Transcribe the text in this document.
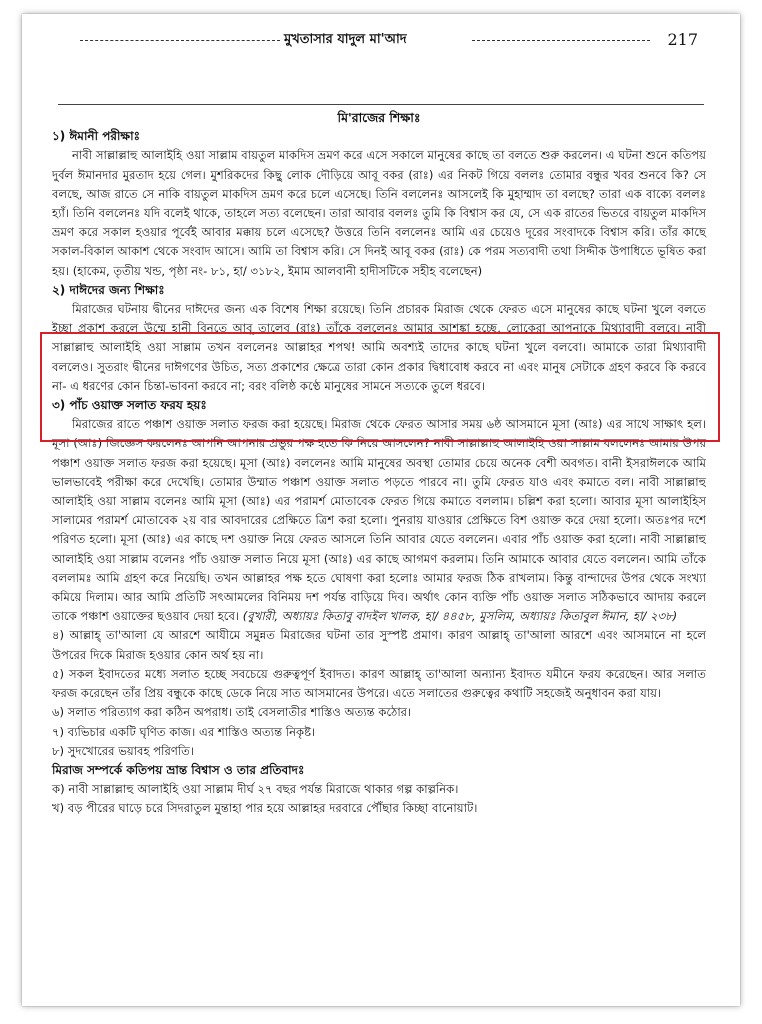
মুখতাসার যাদুল মা'আদ	217

মি'রাজের শিক্ষাঃ

১) ঈমানী পরীক্ষাঃ

নাবী সাল্লাল্লাহু আলাইহি ওয়া সাল্লাম বায়তুল মাকদিস ভ্রমণ করে এসে সকালে মানুষের কাছে তা বলতে শুরু করলেন। এ ঘটনা শুনে কতিপয় দুর্বল ঈমানদার মুরতাদ হয়ে গেল। মুশরিকদের কিছু লোক দৌড়িয়ে আবূ বকর (রাঃ) এর নিকট গিয়ে বললঃ তোমার বন্ধুর খবর শুনবে কি? সে বলছে, আজ রাতে সে নাকি বায়তুল মাকদিস ভ্রমণ করে চলে এসেছে। তিনি বললেনঃ আসলেই কি মুহাম্মাদ তা বলছে? তারা এক বাক্যে বললঃ হ্যাঁ। তিনি বললেনঃ যদি বলেই থাকে, তাহলে সত্য বলেছেন। তারা আবার বললঃ তুমি কি বিশ্বাস কর যে, সে এক রাতের ভিতরে বায়তুল মাকদিস ভ্রমণ করে সকাল হওয়ার পূর্বেই আবার মক্কায় চলে এসেছে? উত্তরে তিনি বললেনঃ আমি এর চেয়েও দূরের সংবাদকে বিশ্বাস করি। তাঁর কাছে সকাল-বিকাল আকাশ থেকে সংবাদ আসে। আমি তা বিশ্বাস করি। সে দিনই আবূ বকর (রাঃ) কে পরম সত্যবাদী তথা সিদ্দীক উপাধিতে ভূষিত করা হয়। (হাকেম, তৃতীয় খন্ড, পৃষ্ঠা নং- ৮১, হা/ ৩১৮২, ইমাম আলবানী হাদীসটিকে সহীহ বলেছেন)

২) দাঈদের জন্য শিক্ষাঃ

মিরাজের ঘটনায় দ্বীনের দাঈদের জন্য এক বিশেষ শিক্ষা রয়েছে। তিনি প্রচারক মিরাজ থেকে ফেরত এসে মানুষের কাছে ঘটনা খুলে বলতে ইচ্ছা প্রকাশ করলে উম্মে হানী বিনতে আবূ তালেব (রাঃ) তাঁকে বললেনঃ আমার আশঙ্কা হচ্ছে, লোকেরা আপনাকে মিথ্যাবাদী বলবে। নাবী সাল্লাল্লাহু আলাইহি ওয়া সাল্লাম তখন বললেনঃ আল্লাহর শপথ! আমি অবশ্যই তাদের কাছে ঘটনা খুলে বলবো। আমাকে তারা মিথ্যাবাদী বললেও। সুতরাং দ্বীনের দাঈগণের উচিত, সত্য প্রকাশের ক্ষেত্রে তারা কোন প্রকার দ্বিধাবোধ করবে না এবং মানুষ সেটাকে গ্রহণ করবে কি করবে না- এ ধরণের কোন চিন্তা-ভাবনা করবে না; বরং বলিষ্ঠ কণ্ঠে মানুষের সামনে সত্যকে তুলে ধরবে।

৩) পাঁচ ওয়াক্ত সলাত ফরয হয়ঃ

মিরাজের রাতে পঞ্চাশ ওয়াক্ত সলাত ফরজ করা হয়েছে। মিরাজ থেকে ফেরত আসার সময় ৬ষ্ঠ আসমানে মূসা (আঃ) এর সাথে সাক্ষাৎ হল। মূসা (আঃ) জিজ্ঞেস করলেনঃ আপনি আপনার প্রভুর পক্ষ হতে কি নিয়ে আসলেন? নাবী সাল্লাল্লাহু আলাইহি ওয়া সাল্লাম বললেনঃ আমার উপর পঞ্চাশ ওয়াক্ত সলাত ফরজ করা হয়েছে। মূসা (আঃ) বললেনঃ আমি মানুষের অবস্থা তোমার চেয়ে অনেক বেশী অবগত। বানী ইসরাঈলকে আমি ভালভাবেই পরীক্ষা করে দেখেছি। তোমার উম্মাত পঞ্চাশ ওয়াক্ত সলাত পড়তে পারবে না। তুমি ফেরত যাও এবং কমাতে বল। নাবী সাল্লাল্লাহু আলাইহি ওয়া সাল্লাম বলেনঃ আমি মূসা (আঃ) এর পরামর্শ মোতাবেক ফেরত গিয়ে কমাতে বললাম। চল্লিশ করা হলো। আবার মূসা আলাইহিস সালামের পরামর্শ মোতাবেক ২য় বার আবদারের প্রেক্ষিতে ত্রিশ করা হলো। পুনরায় যাওয়ার প্রেক্ষিতে বিশ ওয়াক্ত করে দেয়া হলো। অতঃপর দশে পরিণত হলো। মূসা (আঃ) এর কাছে দশ ওয়াক্ত নিয়ে ফেরত আসলে তিনি আবার যেতে বললেন। এবার পাঁচ ওয়াক্ত করা হলো। নাবী সাল্লাল্লাহু আলাইহি ওয়া সাল্লাম বলেনঃ পাঁচ ওয়াক্ত সলাত নিয়ে মূসা (আঃ) এর কাছে আগমণ করলাম। তিনি আমাকে আবার যেতে বললেন। আমি তাঁকে বললামঃ আমি গ্রহণ করে নিয়েছি। তখন আল্লাহর পক্ষ হতে ঘোষণা করা হলোঃ আমার ফরজ ঠিক রাখলাম। কিন্তু বান্দাদের উপর থেকে সংখ্যা কমিয়ে দিলাম। আর আমি প্রতিটি সৎআমলের বিনিময় দশ পর্যন্ত বাড়িয়ে দিব। অর্থাৎ কোন ব্যক্তি পাঁচ ওয়াক্ত সলাত সঠিকভাবে আদায় করলে তাকে পঞ্চাশ ওয়াক্তের ছওয়াব দেয়া হবে। (বুখারী, অধ্যায়ঃ কিতাবু বাদইল খালক, হা/ ৪৪৫৮, মুসলিম, অধ্যায়ঃ কিতাবুল ঈমান, হা/ ২৩৮)

৪) আল্লাহ্‌ তা'আলা যে আরশে আযীমে সমুন্নত মিরাজের ঘটনা তার সুস্পষ্ট প্রমাণ। কারণ আল্লাহ্‌ তা'আলা আরশে এবং আসমানে না হলে উপরের দিকে মিরাজ হওয়ার কোন অর্থ হয় না।

৫) সকল ইবাদতের মধ্যে সলাত হচ্ছে সবচেয়ে গুরুত্বপূর্ণ ইবাদত। কারণ আল্লাহ্‌ তা'আলা অন্যান্য ইবাদত যমীনে ফরয করেছেন। আর সলাত ফরজ করেছেন তাঁর প্রিয় বন্ধুকে কাছে ডেকে নিয়ে সাত আসমানের উপরে। এতে সলাতের গুরুত্বের কথাটি সহজেই অনুধাবন করা যায়।

৬) সলাত পরিত্যাগ করা কঠিন অপরাধ। তাই বেসলাতীর শাস্তিও অত্যন্ত কঠোর।

৭) ব্যভিচার একটি ঘৃণিত কাজ। এর শাস্তিও অত্যন্ত নিকৃষ্ট।

৮) সুদখোরের ভয়াবহ পরিণতি।

মিরাজ সম্পর্কে কতিপয় ভ্রান্ত বিশ্বাস ও তার প্রতিবাদঃ

ক) নাবী সাল্লাল্লাহু আলাইহি ওয়া সাল্লাম দীর্ঘ ২৭ বছর পর্যন্ত মিরাজে থাকার গল্প কাল্পনিক।

খ) বড় পীরের ঘাড়ে চরে সিদরাতুল মুন্তাহা পার হয়ে আল্লাহর দরবারে পৌঁছার কিচ্ছা বানোয়াট।
